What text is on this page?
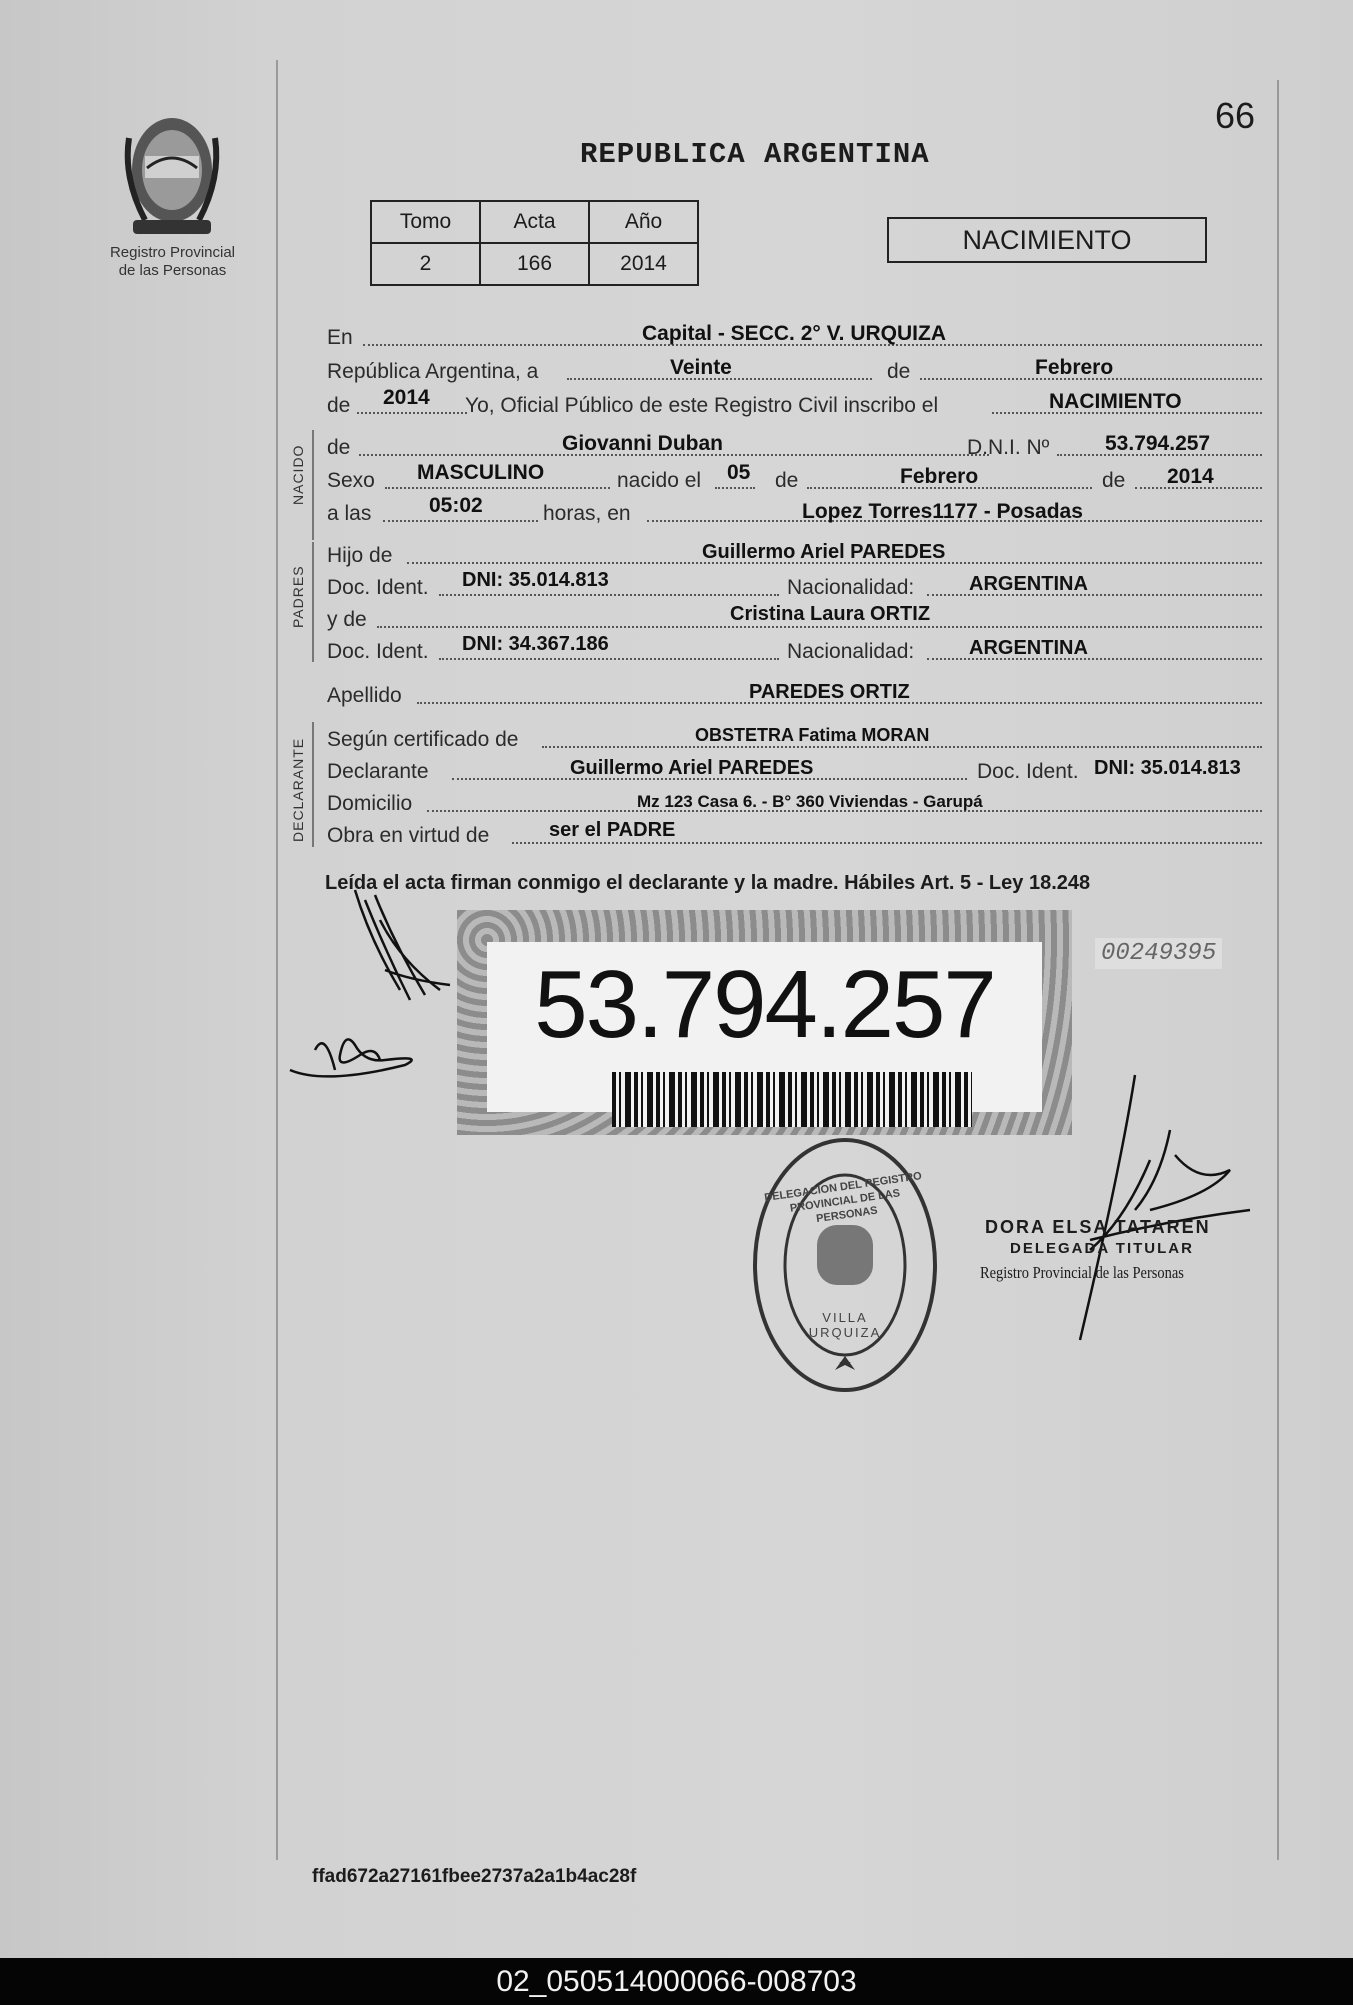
Registro Provincial
de las Personas
66
REPUBLICA ARGENTINA
Tomo	Acta	Año
2	166	2014
NACIMIENTO
En	Capital - SECC. 2° V. URQUIZA
República Argentina, a	Veinte	de	Febrero
de 2014 Yo, Oficial Público de este Registro Civil inscribo el	NACIMIENTO
NACIDO de	Giovanni Duban	D.N.I. Nº	53.794.257
Sexo MASCULINO	nacido el 05 de	Febrero	de 2014
a las	05:02	horas, en	Lopez Torres1177 - Posadas
PADRES
Hijo de	Guillermo Ariel PAREDES
Doc. Ident. DNI: 35.014.813	Nacionalidad:	ARGENTINA
y de	Cristina Laura ORTIZ
Doc. Ident. DNI: 34.367.186	Nacionalidad:	ARGENTINA
Apellido	PAREDES ORTIZ
DECLARANTE Según certificado de	OBSTETRA Fatima MORAN
Declarante	Guillermo Ariel PAREDES	Doc. Ident. DNI: 35.014.813
Domicilio	Mz 123 Casa 6. - B° 360 Viviendas - Garupá
Obra en virtud de	ser el PADRE
Leída el acta firman conmigo el declarante y la madre. Hábiles Art. 5 - Ley 18.248
53.794.257	00249395
DELEGACION DEL REGISTRO PROVINCIAL DE LAS PERSONAS
VILLA URQUIZA
DORA ELSA TATAREN
DELEGADA TITULAR
Registro Provincial de las Personas
ffad672a27161fbee2737a2a1b4ac28f
02_050514000066-008703
